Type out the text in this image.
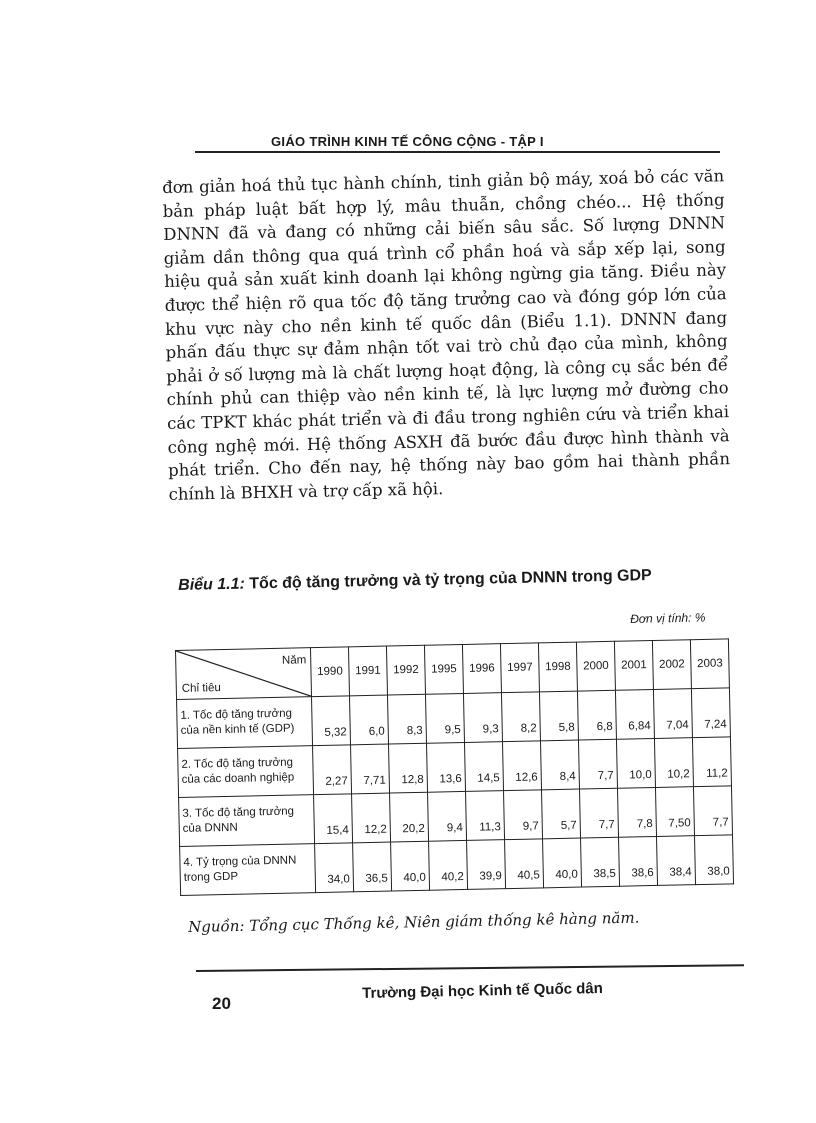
GIÁO TRÌNH KINH TẾ CÔNG CỘNG - TẬP I

đơn giản hoá thủ tục hành chính, tinh giản bộ máy, xoá bỏ các văn bản pháp luật bất hợp lý, mâu thuẫn, chồng chéo... Hệ thống DNNN đã và đang có những cải biến sâu sắc. Số lượng DNNN giảm dần thông qua quá trình cổ phần hoá và sắp xếp lại, song hiệu quả sản xuất kinh doanh lại không ngừng gia tăng. Điều này được thể hiện rõ qua tốc độ tăng trưởng cao và đóng góp lớn của khu vực này cho nền kinh tế quốc dân (Biểu 1.1). DNNN đang phấn đấu thực sự đảm nhận tốt vai trò chủ đạo của mình, không phải ở số lượng mà là chất lượng hoạt động, là công cụ sắc bén để chính phủ can thiệp vào nền kinh tế, là lực lượng mở đường cho các TPKT khác phát triển và đi đầu trong nghiên cứu và triển khai công nghệ mới. Hệ thống ASXH đã bước đầu được hình thành và phát triển. Cho đến nay, hệ thống này bao gồm hai thành phần chính là BHXH và trợ cấp xã hội.

Biểu 1.1: Tốc độ tăng trưởng và tỷ trọng của DNNN trong GDP
Đơn vị tính: %
Năm
Chỉ tiêu	1990	1991	1992	1995	1996	1997	1998	2000	2001	2002	2003
1. Tốc độ tăng trưởng
của nền kinh tế (GDP)	5,32	6,0	8,3	9,5	9,3	8,2	5,8	6,8	6,84	7,04	7,24
2. Tốc độ tăng trưởng
của các doanh nghiệp	2,27	7,71	12,8	13,6	14,5	12,6	8,4	7,7	10,0	10,2	11,2
3. Tốc độ tăng trưởng
của DNNN	15,4	12,2	20,2	9,4	11,3	9,7	5,7	7,7	7,8	7,50	7,7
4. Tỷ trọng của DNNN
trong GDP	34,0	36,5	40,0	40,2	39,9	40,5	40,0	38,5	38,6	38,4	38,0
Nguồn: Tổng cục Thống kê, Niên giám thống kê hàng năm.
20
Trường Đại học Kinh tế Quốc dân
